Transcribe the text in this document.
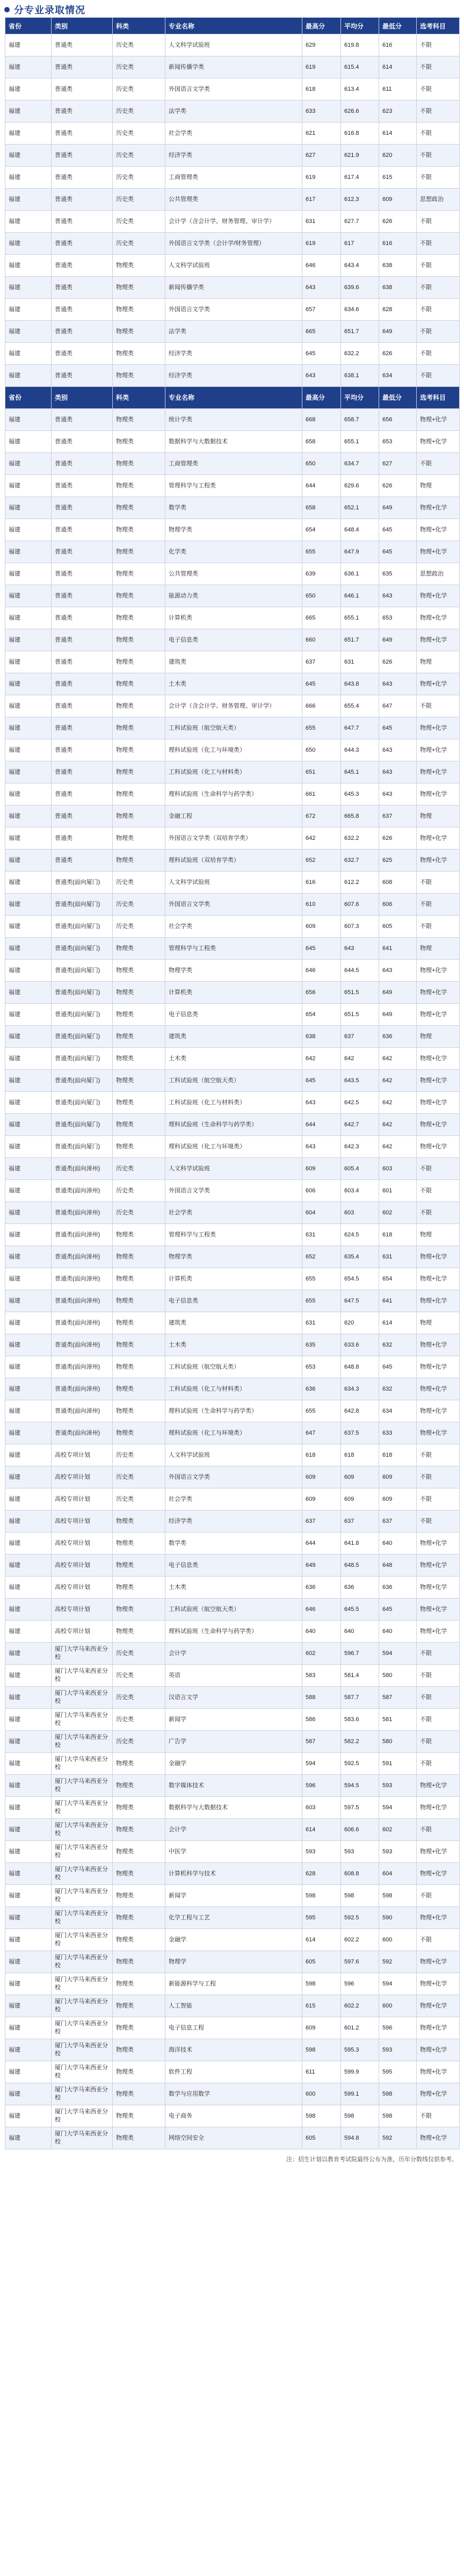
分专业录取情况
省份	类别	科类	专业名称	最高分	平均分	最低分	选考科目
福建	普通类	历史类	人文科学试验班	629	619.8	616	不限
福建	普通类	历史类	新闻传播学类	619	615.4	614	不限
福建	普通类	历史类	外国语言文学类	618	613.4	611	不限
福建	普通类	历史类	法学类	633	626.6	623	不限
福建	普通类	历史类	社会学类	621	616.8	614	不限
福建	普通类	历史类	经济学类	627	621.9	620	不限
福建	普通类	历史类	工商管理类	619	617.4	615	不限
福建	普通类	历史类	公共管理类	617	612.3	609	思想政治
福建	普通类	历史类	会计学（含会计学、财务管理、审计学）	631	627.7	626	不限
福建	普通类	历史类	外国语言文学类（会计学/财务管理）	619	617	616	不限
福建	普通类	物理类	人文科学试验班	646	643.4	638	不限
福建	普通类	物理类	新闻传播学类	643	639.6	638	不限
福建	普通类	物理类	外国语言文学类	657	634.6	628	不限
福建	普通类	物理类	法学类	665	651.7	649	不限
福建	普通类	物理类	经济学类	645	632.2	626	不限
福建	普通类	物理类	经济学类	643	638.1	634	不限
省份	类别	科类	专业名称	最高分	平均分	最低分	选考科目
福建	普通类	物理类	统计学类	668	658.7	656	物理+化学
福建	普通类	物理类	数据科学与大数据技术	658	655.1	653	物理+化学
福建	普通类	物理类	工商管理类	650	634.7	627	不限
福建	普通类	物理类	管理科学与工程类	644	629.6	626	物理
福建	普通类	物理类	数学类	658	652.1	649	物理+化学
福建	普通类	物理类	物理学类	654	648.4	645	物理+化学
福建	普通类	物理类	化学类	655	647.9	645	物理+化学
福建	普通类	物理类	公共管理类	639	636.1	635	思想政治
福建	普通类	物理类	能源动力类	650	646.1	643	物理+化学
福建	普通类	物理类	计算机类	665	655.1	653	物理+化学
福建	普通类	物理类	电子信息类	660	651.7	649	物理+化学
福建	普通类	物理类	建筑类	637	631	626	物理
福建	普通类	物理类	土木类	645	643.8	643	物理+化学
福建	普通类	物理类	会计学（含会计学、财务管理、审计学）	666	655.4	647	不限
福建	普通类	物理类	工科试验班（航空航天类）	655	647.7	645	物理+化学
福建	普通类	物理类	理科试验班（化工与环境类）	650	644.3	643	物理+化学
福建	普通类	物理类	工科试验班（化工与材料类）	651	645.1	643	物理+化学
福建	普通类	物理类	理科试验班（生命科学与药学类）	661	645.3	643	物理+化学
福建	普通类	物理类	金融工程	672	665.8	637	物理
福建	普通类	物理类	外国语言文学类（双培育学类）	642	632.2	626	物理+化学
福建	普通类	物理类	理科试验班（双培育学类）	652	632.7	625	物理+化学
福建	普通类(面向厦门)	历史类	人文科学试验班	616	612.2	608	不限
福建	普通类(面向厦门)	历史类	外国语言文学类	610	607.6	606	不限
福建	普通类(面向厦门)	历史类	社会学类	609	607.3	605	不限
福建	普通类(面向厦门)	物理类	管理科学与工程类	645	643	641	物理
福建	普通类(面向厦门)	物理类	物理学类	646	644.5	643	物理+化学
福建	普通类(面向厦门)	物理类	计算机类	656	651.5	649	物理+化学
福建	普通类(面向厦门)	物理类	电子信息类	654	651.5	649	物理+化学
福建	普通类(面向厦门)	物理类	建筑类	638	637	636	物理
福建	普通类(面向厦门)	物理类	土木类	642	642	642	物理+化学
福建	普通类(面向厦门)	物理类	工科试验班（航空航天类）	645	643.5	642	物理+化学
福建	普通类(面向厦门)	物理类	工科试验班（化工与材料类）	643	642.5	642	物理+化学
福建	普通类(面向厦门)	物理类	理科试验班（生命科学与药学类）	644	642.7	642	物理+化学
福建	普通类(面向厦门)	物理类	理科试验班（化工与环境类）	643	642.3	642	物理+化学
福建	普通类(面向漳州)	历史类	人文科学试验班	609	605.4	603	不限
福建	普通类(面向漳州)	历史类	外国语言文学类	606	603.4	601	不限
福建	普通类(面向漳州)	历史类	社会学类	604	603	602	不限
福建	普通类(面向漳州)	物理类	管理科学与工程类	631	624.5	618	物理
福建	普通类(面向漳州)	物理类	物理学类	652	635.4	631	物理+化学
福建	普通类(面向漳州)	物理类	计算机类	655	654.5	654	物理+化学
福建	普通类(面向漳州)	物理类	电子信息类	655	647.5	641	物理+化学
福建	普通类(面向漳州)	物理类	建筑类	631	620	614	物理
福建	普通类(面向漳州)	物理类	土木类	635	633.6	632	物理+化学
福建	普通类(面向漳州)	物理类	工科试验班（航空航天类）	653	648.8	645	物理+化学
福建	普通类(面向漳州)	物理类	工科试验班（化工与材料类）	636	634.3	632	物理+化学
福建	普通类(面向漳州)	物理类	理科试验班（生命科学与药学类）	655	642.8	634	物理+化学
福建	普通类(面向漳州)	物理类	理科试验班（化工与环境类）	647	637.5	633	物理+化学
福建	高校专项计划	历史类	人文科学试验班	618	618	618	不限
福建	高校专项计划	历史类	外国语言文学类	609	609	609	不限
福建	高校专项计划	历史类	社会学类	609	609	609	不限
福建	高校专项计划	物理类	经济学类	637	637	637	不限
福建	高校专项计划	物理类	数学类	644	641.8	640	物理+化学
福建	高校专项计划	物理类	电子信息类	649	648.5	648	物理+化学
福建	高校专项计划	物理类	土木类	636	636	636	物理+化学
福建	高校专项计划	物理类	工科试验班（航空航天类）	646	645.5	645	物理+化学
福建	高校专项计划	物理类	理科试验班（生命科学与药学类）	640	640	640	物理+化学
福建	厦门大学马来西亚分校	历史类	会计学	602	596.7	594	不限
福建	厦门大学马来西亚分校	历史类	英语	583	581.4	580	不限
福建	厦门大学马来西亚分校	历史类	汉语言文学	588	587.7	587	不限
福建	厦门大学马来西亚分校	历史类	新闻学	586	583.6	581	不限
福建	厦门大学马来西亚分校	历史类	广告学	587	582.2	580	不限
福建	厦门大学马来西亚分校	物理类	金融学	594	592.5	591	不限
福建	厦门大学马来西亚分校	物理类	数字媒体技术	596	594.5	593	物理+化学
福建	厦门大学马来西亚分校	物理类	数据科学与大数据技术	603	597.5	594	物理+化学
福建	厦门大学马来西亚分校	物理类	会计学	614	606.6	602	不限
福建	厦门大学马来西亚分校	物理类	中医学	593	593	593	物理+化学
福建	厦门大学马来西亚分校	物理类	计算机科学与技术	628	608.8	604	物理+化学
福建	厦门大学马来西亚分校	物理类	新闻学	598	598	598	不限
福建	厦门大学马来西亚分校	物理类	化学工程与工艺	595	592.5	590	物理+化学
福建	厦门大学马来西亚分校	物理类	金融学	614	602.2	600	不限
福建	厦门大学马来西亚分校	物理类	物理学	605	597.6	592	物理+化学
福建	厦门大学马来西亚分校	物理类	新能源科学与工程	598	596	594	物理+化学
福建	厦门大学马来西亚分校	物理类	人工智能	615	602.2	600	物理+化学
福建	厦门大学马来西亚分校	物理类	电子信息工程	609	601.2	596	物理+化学
福建	厦门大学马来西亚分校	物理类	海洋技术	598	595.3	593	物理+化学
福建	厦门大学马来西亚分校	物理类	软件工程	611	599.9	595	物理+化学
福建	厦门大学马来西亚分校	物理类	数学与应用数学	600	599.1	598	物理+化学
福建	厦门大学马来西亚分校	物理类	电子商务	598	598	598	不限
福建	厦门大学马来西亚分校	物理类	网络空间安全	605	594.8	592	物理+化学
注：招生计划以教育考试院最终公布为准，历年分数线仅供参考。
